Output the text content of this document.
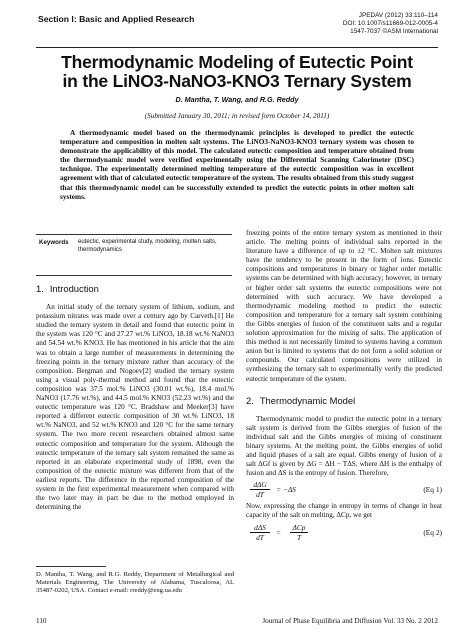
Section I: Basic and Applied Research	JPEDAV (2012) 33:110–114
DOI: 10.1007/s11669-012-0005-4
1547-7037 ©ASM International
Thermodynamic Modeling of Eutectic Point
in the LiNO3-NaNO3-KNO3 Ternary System
D. Mantha, T. Wang, and R.G. Reddy
(Submitted January 30, 2011; in revised form October 14, 2011)

A thermodynamic model based on the thermodynamic principles is developed to predict the eutectic temperature and composition in molten salt systems. The LiNO3-NaNO3-KNO3 ternary system was chosen to demonstrate the applicability of this model. The calculated eutectic composition and temperature obtained from the thermodynamic model were verified experimentally using the Differential Scanning Calorimeter (DSC) technique. The experimentally determined melting temperature of the eutectic composition was in excellent agreement with that of calculated eutectic temperature of the system. The results obtained from this study suggest that this thermodynamic model can be successfully extended to predict the eutectic points in other molten salt systems.

Keywords eutectic, experimental study, modeling, molten salts, thermodynamics
1. Introduction

An initial study of the ternary system of lithium, sodium, and potassium nitrates was made over a century ago by Carveth.[1] He studied the ternary system in detail and found that eutectic point in the system was 120 °C and 27.27 wt.% LiNO3, 18.18 wt.% NaNO3 and 54.54 wt.% KNO3. He has mentioned in his article that the aim was to obtain a large number of measurements in determining the freezing points in the ternary mixture rather than accuracy of the composition. Bergman and Nogoev[2] studied the ternary system using a visual poly-thermal method and found that the eutectic composition was 37.5 mol.% LiNO3 (30.01 wt.%), 18.4 mol.% NaNO3 (17.76 wt.%), and 44.5 mol.% KNO3 (52.23 wt.%) and the eutectic temperature was 120 °C. Bradshaw and Meeker[3] have reported a different eutectic composition of 30 wt.% LiNO3, 18 wt.% NaNO3, and 52 wt.% KNO3 and 120 °C for the same ternary system. The two more recent researchers obtained almost same eutectic composition and temperature for the system. Although the eutectic temperature of the ternary salt system remained the same as reported in an elaborate experimental study of 1898, even the composition of the eutectic mixture was different from that of the earliest reports. The difference in the reported composition of the system in the first experimental measurement when compared with the two later may in part be due to the method employed in determining the

freezing points of the entire ternary system as mentioned in their article. The melting points of individual salts reported in the literature have a difference of up to ±2 °C. Molten salt mixtures have the tendency to be present in the form of ions. Eutectic compositions and temperatures in binary or higher order metallic systems can be determined with high accuracy; however, in ternary or higher order salt systems the eutectic compositions were not determined with such accuracy. We have developed a thermodynamic modeling method to predict the eutectic composition and temperature for a ternary salt system combining the Gibbs energies of fusion of the constituent salts and a regular solution approximation for the mixing of salts. The application of this method is not necessarily limited to systems having a common anion but is limited to systems that do not form a solid solution or compounds. Our calculated compositions were utilized in synthesizing the ternary salt to experimentally verify the predicted eutectic temperature of the system.

2. Thermodynamic Model

Thermodynamic model to predict the eutectic point in a ternary salt system is derived from the Gibbs energies of fusion of the individual salt and the Gibbs energies of mixing of constituent binary systems. At the melting point, the Gibbs energies of solid and liquid phases of a salt are equal. Gibbs energy of fusion of a salt ΔGf is given by ΔG = ΔH − TΔS, where ΔH is the enthalpy of fusion and ΔS is the entropy of fusion. Therefore,

dΔG
dT
= −ΔS	(Eq 1)

Now, expressing the change in entropy in terms of change in heat capacity of the salt on melting, ΔCp, we get

dΔS
dT
=
ΔCp
T
(Eq 2)
D. Mantha, T. Wang, and R.G. Reddy, Department of Metallurgical and Materials Engineering, The University of Alabama, Tuscaloosa, AL 35487-0202, USA. Contact e-mail: rreddy@eng.ua.edu
110	Journal of Phase Equilibria and Diffusion Vol. 33 No. 2 2012
